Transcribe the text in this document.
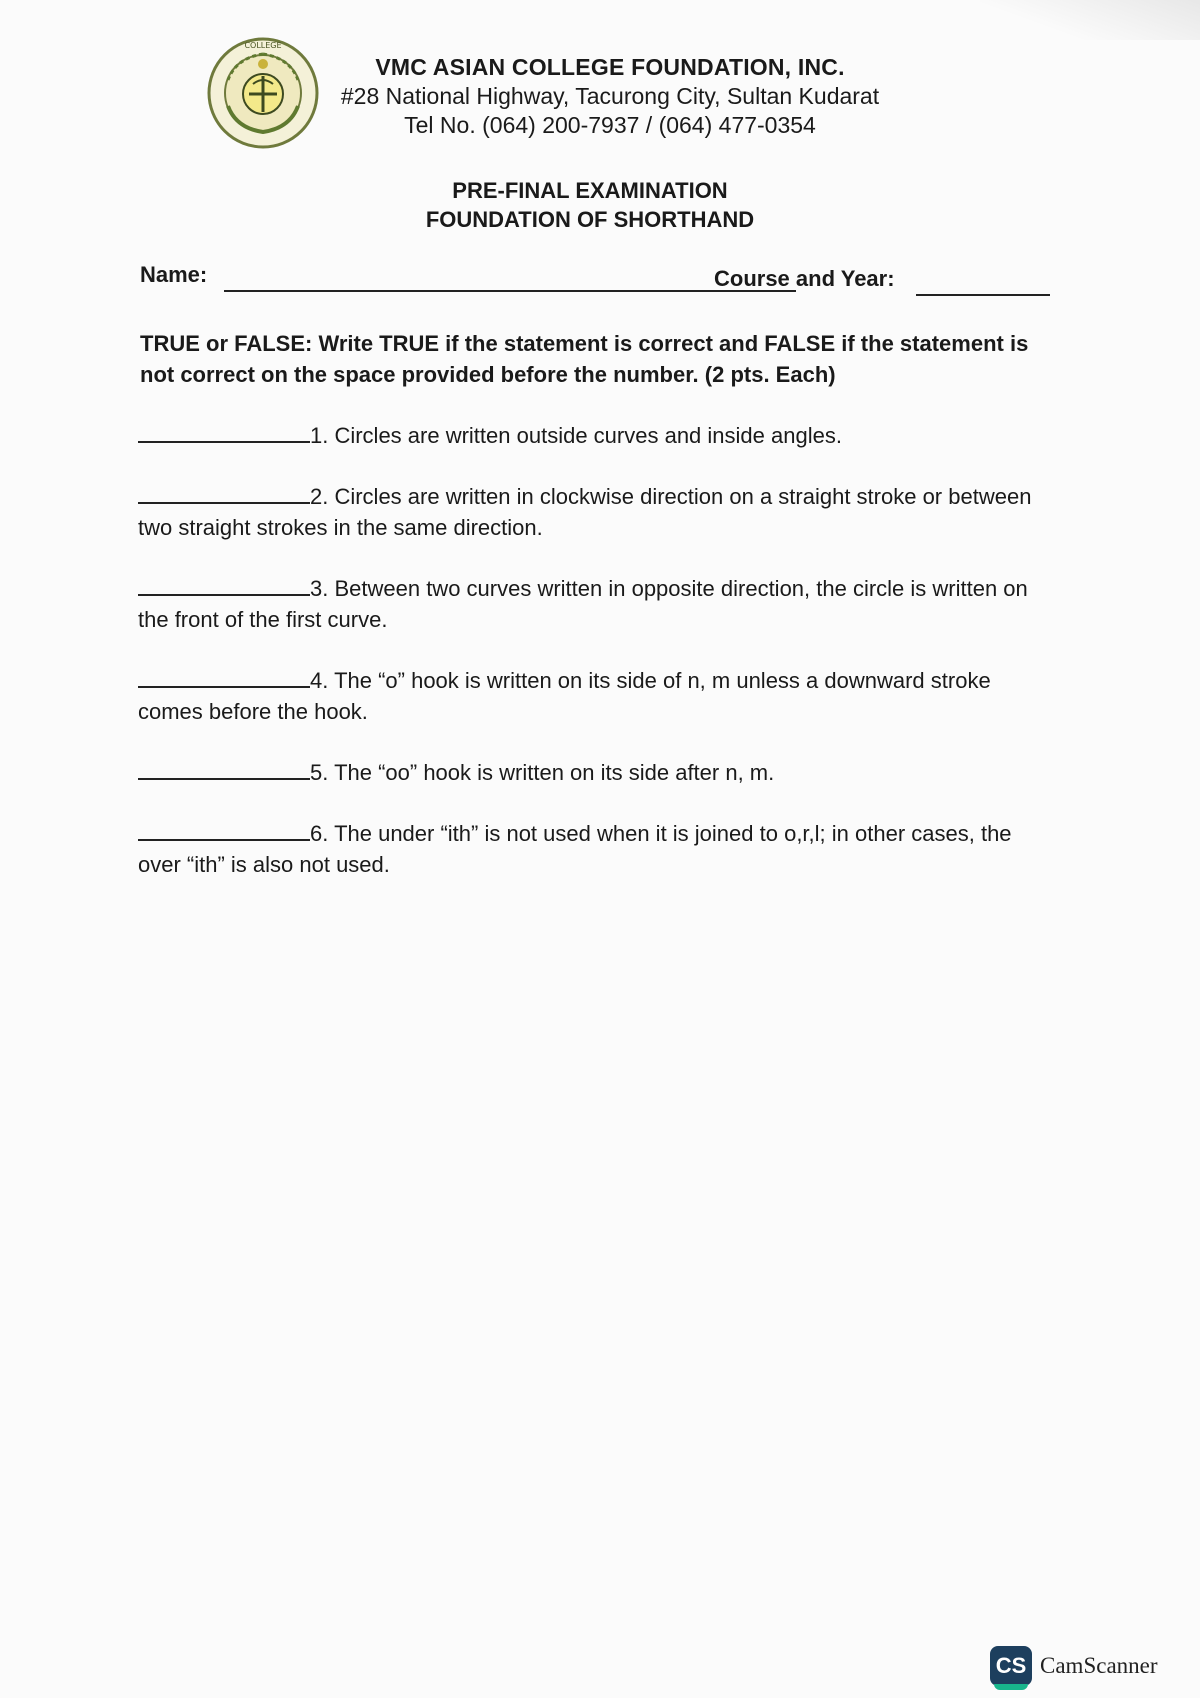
COLLEGE

VMC ASIAN COLLEGE FOUNDATION, INC.

#28 National Highway, Tacurong City, Sultan Kudarat

Tel No. (064) 200-7937 / (064) 477-0354

PRE-FINAL EXAMINATION
FOUNDATION OF SHORTHAND
Name:	Course and Year:
TRUE or FALSE: Write TRUE if the statement is correct and FALSE if the statement is not correct on the space provided before the number. (2 pts. Each)
1. Circles are written outside curves and inside angles.
2. Circles are written in clockwise direction on a straight stroke or between two straight strokes in the same direction.
3. Between two curves written in opposite direction, the circle is written on the front of the first curve.
4. The “o” hook is written on its side of n, m unless a downward stroke comes before the hook.
5. The “oo” hook is written on its side after n, m.
6. The under “ith” is not used when it is joined to o,r,l; in other cases, the over “ith” is also not used.
CS CamScanner
